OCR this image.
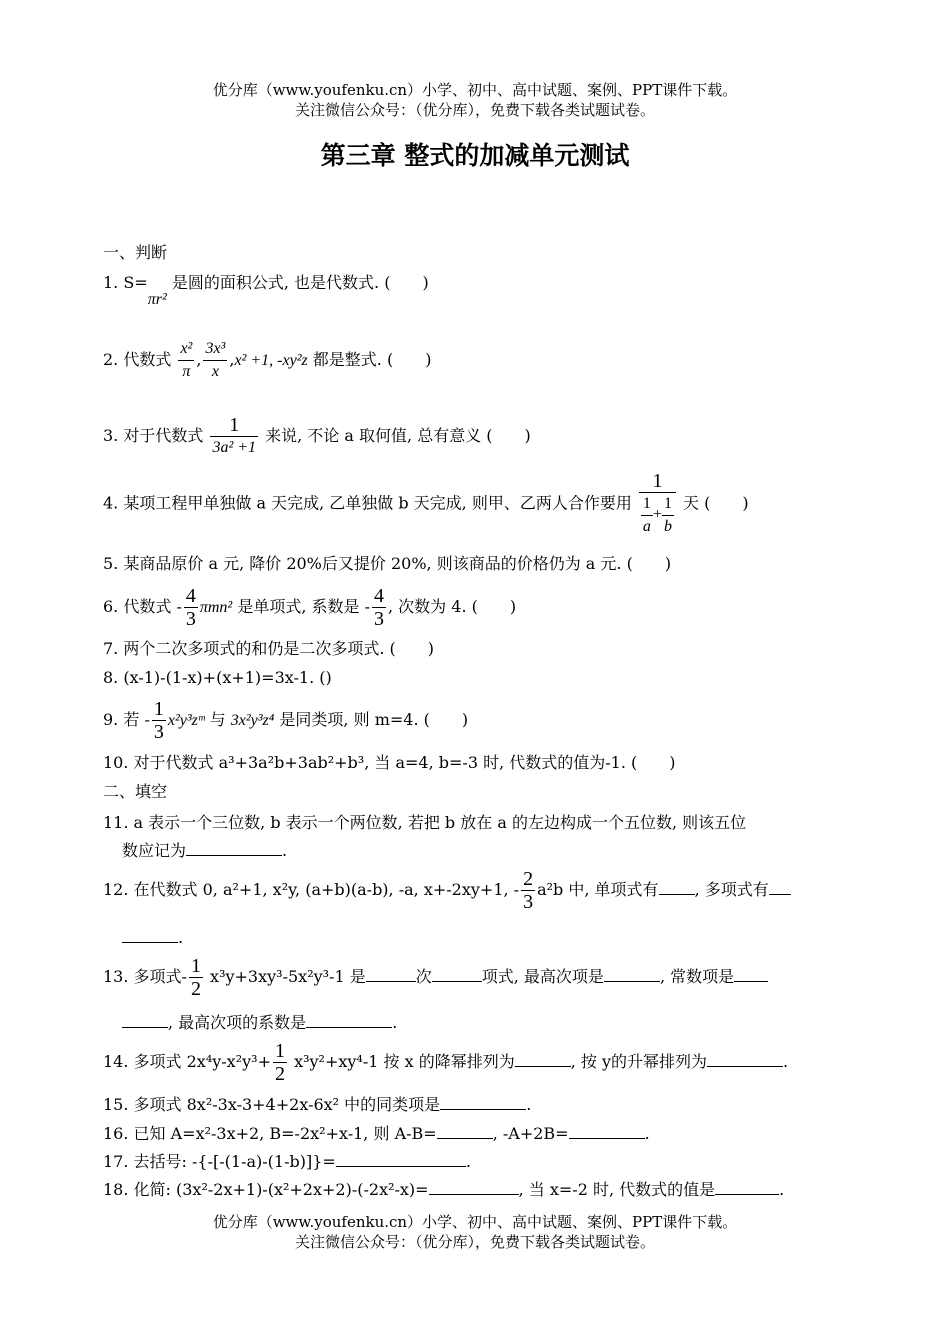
优分库（www.youfenku.cn）小学、初中、高中试题、案例、PPT课件下载。
关注微信公众号：（优分库），免费下载各类试题试卷。
第三章 整式的加减单元测试
一、判断
1. S=πr² 是圆的面积公式, 也是代数式. (　　)
2. 代数式 $\frac{\text{x²}}{\pi}$ , $\frac{\text{3x³}}{x} ,x^2 +1$, -xy²z 都是整式. (　　)
3. 对于代数式 $\frac{1}{\text{3a² +1}}$ 来说, 不论 a 取何值, 总有意义 (　　)
4. 某项工程甲单独做 a 天完成, 乙单独做 b 天完成, 则甲、乙两人合作要用 $\frac{1}{\frac{1}{a} + \frac{1}{b}}$ 天 (　　)
5. 某商品原价 a 元, 降价 20%后又提价 20%, 则该商品的价格仍为 a 元. (　　)
6. 代数式 - $\frac{4}{3} \pi mn^2$ 是单项式, 系数是 - $\frac{4}{3}$ , 次数为 4. (　　)
7. 两个二次多项式的和仍是二次多项式. (　　)
8. (x-1)-(1-x)+(x+1)=3x-1. ()
9. 若 - $\frac{1}{3}$ x²y³zᵐ 与 3x²y³z⁴ 是同类项, 则 m=4. (　　)
10. 对于代数式 a³+3a²b+3ab²+b³, 当 a=4, b=-3 时, 代数式的值为-1. (　　)
二、填空
11. a 表示一个三位数, b 表示一个两位数, 若把 b 放在 a 的左边构成一个五位数, 则该五位
数应记为	.
12. 在代数式 0, a²+1, x²y, (a+b)(a-b), -a, x+-2xy+1, - $\frac{2}{3} a^2b$ 中, 单项式有 , 多项式有
.
13. 多项式- $\frac{1}{2} x^3y+3xy^3-5x^2y^3-1$ 是	次	项式, 最高次项是	, 常数项是
, 最高次项的系数是	.
14. 多项式 $2x^4y-x^2y^3+ \frac{1}{2} x^3y^2+xy^4-1$ 按 x 的降幂排列为	, 按 y的升幂排列为	.
15. 多项式 8x²-3x-3+4+2x-6x² 中的同类项是	.
16. 已知 A=x²-3x+2, B=-2x²+x-1, 则 A-B=	, -A+2B=	.
17. 去括号: -{-[-(1-a)-(1-b)]}=	.
18. 化简: (3x²-2x+1)-(x²+2x+2)-(-2x²-x)=	, 当 x=-2 时, 代数式的值是	.
优分库（www.youfenku.cn）小学、初中、高中试题、案例、PPT课件下载。
关注微信公众号：（优分库），免费下载各类试题试卷。
